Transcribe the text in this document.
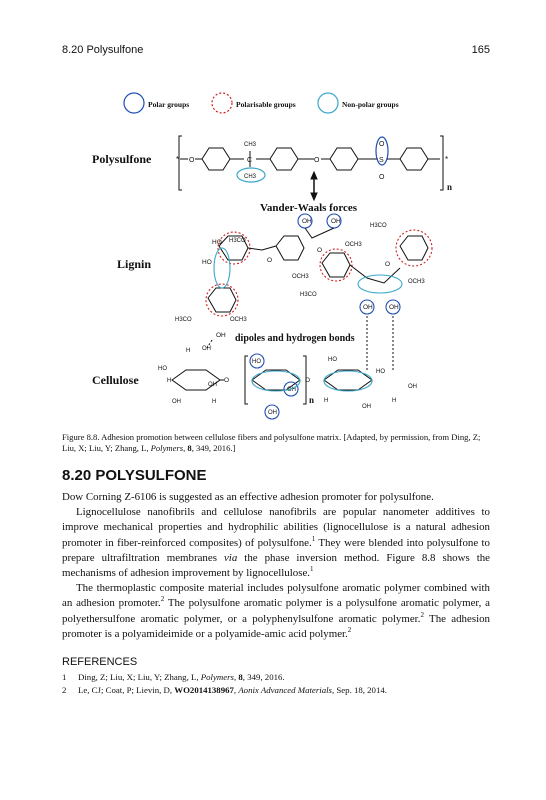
8.20 Polysulfone	165
Polar groups	Polarisable groups	Non-polar groups
Polysulfone	* O	C
CH3
CH3
O	S
O
O
*
n
Vander-Waals forces
Lignin
HO
HO
H3CO
OH	OH
OCH3
OCH3
O
H3CO
O
H3CO
OCH3
O
OH	OH
H3CO	OCH3
OH dipoles and hydrogen bonds
Cellulose
OH
H
HO
H
OH
OH
H
O
HO
OH
OH
O
n
HO
H
OH
HO
OH
H
Figure 8.8. Adhesion promotion between cellulose fibers and polysulfone matrix. [Adapted, by permission, from Ding, Z; Liu, X; Liu, Y; Zhang, L, Polymers, 8, 349, 2016.]
8.20 POLYSULFONE

Dow Corning Z-6106 is suggested as an effective adhesion promoter for polysulfone.

Lignocellulose nanofibrils and cellulose nanofibrils are popular nanometer additives to improve mechanical properties and hydrophilic abilities (lignocellulose is a natural adhesion promoter in fiber-reinforced composites) of polysulfone.$^1$ They were blended into polysulfone to prepare ultrafiltration membranes via the phase inversion method. Figure 8.8 shows the mechanisms of adhesion improvement by lignocellulose.$^1$

The thermoplastic composite material includes polysulfone aromatic polymer combined with an adhesion promoter.$^2$ The polysulfone aromatic polymer is a polysulfone aromatic polymer, a polyethersulfone aromatic polymer, or a polyphenylsulfone aromatic polymer.$^2$ The adhesion promoter is a polyamideimide or a polyamide-amic acid polymer.$^2$

REFERENCES
1 Ding, Z; Liu, X; Liu, Y; Zhang, L, Polymers, 8, 349, 2016.
2 Le, CJ; Coat, P; Lievin, D, WO2014138967, Aonix Advanced Materials, Sep. 18, 2014.
